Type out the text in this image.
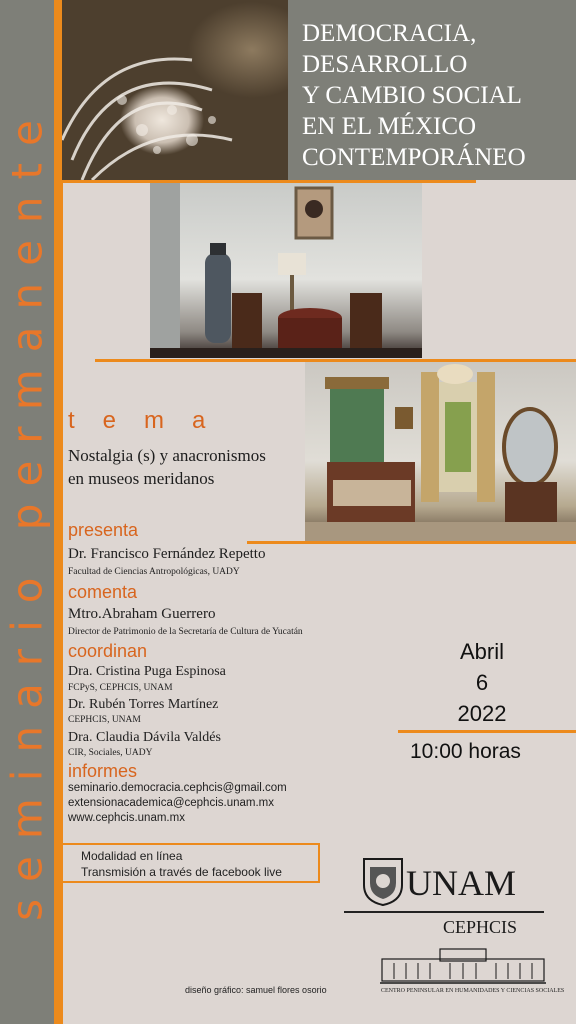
seminario permanente
DEMOCRACIA,
DESARROLLO
Y CAMBIO SOCIAL
EN EL MÉXICO
CONTEMPORÁNEO
tema
Nostalgia (s) y anacronismos
en museos meridanos
presenta
Dr. Francisco Fernández Repetto
Facultad de Ciencias Antropológicas, UADY
comenta
Mtro.Abraham Guerrero
Director de Patrimonio de la Secretaría de Cultura de Yucatán
coordinan
Dra. Cristina Puga Espinosa
FCPyS, CEPHCIS, UNAM
Dr. Rubén Torres Martínez
CEPHCIS, UNAM
Dra. Claudia Dávila Valdés
CIR, Sociales, UADY
Abril
6
2022
10:00 horas
informes
seminario.democracia.cephcis@gmail.com
extensionacademica@cephcis.unam.mx
www.cephcis.unam.mx
Modalidad en línea
Transmisión a través de facebook live	UNAM
CEPHCIS
CENTRO PENINSULAR EN HUMANIDADES Y CIENCIAS SOCIALES
diseño gráfico: samuel flores osorio
